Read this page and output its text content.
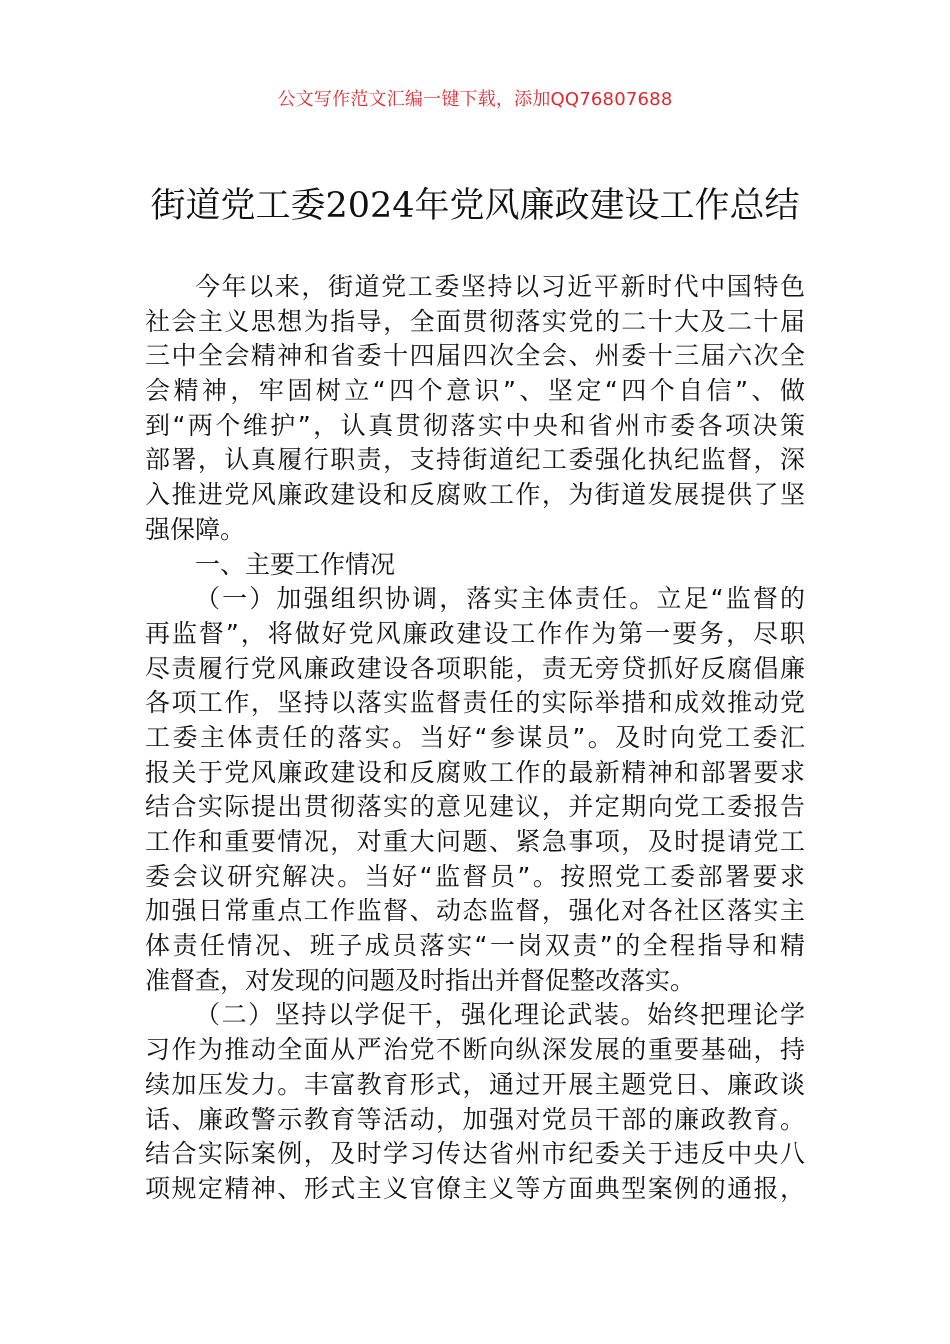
公文写作范文汇编一键下载，添加QQ76807688
街道党工委2024年党风廉政建设工作总结
今年以来，街道党工委坚持以习近平新时代中国特色
社会主义思想为指导，全面贯彻落实党的二十大及二十届
三中全会精神和省委十四届四次全会、州委十三届六次全
会精神，牢固树立“四个意识”、坚定“四个自信”、做
到“两个维护”，认真贯彻落实中央和省州市委各项决策
部署，认真履行职责，支持街道纪工委强化执纪监督，深
入推进党风廉政建设和反腐败工作，为街道发展提供了坚
强保障。
一、主要工作情况
（一）加强组织协调，落实主体责任。立足“监督的
再监督”，将做好党风廉政建设工作作为第一要务，尽职
尽责履行党风廉政建设各项职能，责无旁贷抓好反腐倡廉
各项工作，坚持以落实监督责任的实际举措和成效推动党
工委主体责任的落实。当好“参谋员”。及时向党工委汇
报关于党风廉政建设和反腐败工作的最新精神和部署要求
结合实际提出贯彻落实的意见建议，并定期向党工委报告
工作和重要情况，对重大问题、紧急事项，及时提请党工
委会议研究解决。当好“监督员”。按照党工委部署要求
加强日常重点工作监督、动态监督，强化对各社区落实主
体责任情况、班子成员落实“一岗双责”的全程指导和精
准督查，对发现的问题及时指出并督促整改落实。
（二）坚持以学促干，强化理论武装。始终把理论学
习作为推动全面从严治党不断向纵深发展的重要基础，持
续加压发力。丰富教育形式，通过开展主题党日、廉政谈
话、廉政警示教育等活动，加强对党员干部的廉政教育。
结合实际案例，及时学习传达省州市纪委关于违反中央八
项规定精神、形式主义官僚主义等方面典型案例的通报，
